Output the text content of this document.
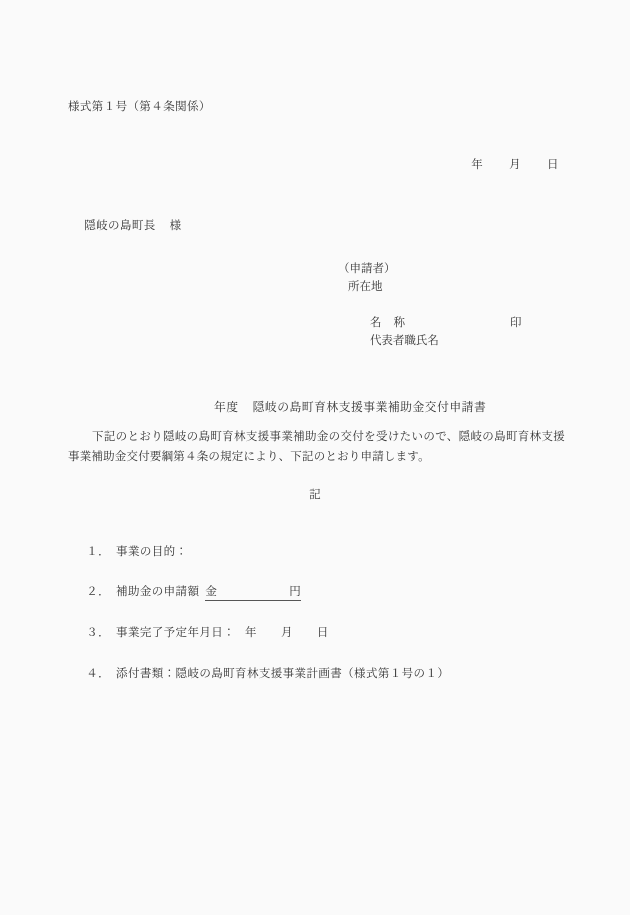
様式第１号（第４条関係）

年 月 日

隠岐の島町長 様

（申請者）
所在地

名 称

代表者職氏名

印

年度 隠岐の島町育林支援事業補助金交付申請書

下記のとおり隠岐の島町育林支援事業補助金の交付を受けたいので、隠岐の島町育林支援事業補助金交付要綱第４条の規定により、下記のとおり申請します。
記

１． 事業の目的：

２． 補助金の申請額 金	円

３． 事業完了予定年月日： 年 月 日

４． 添付書類：隠岐の島町育林支援事業計画書（様式第１号の１）
